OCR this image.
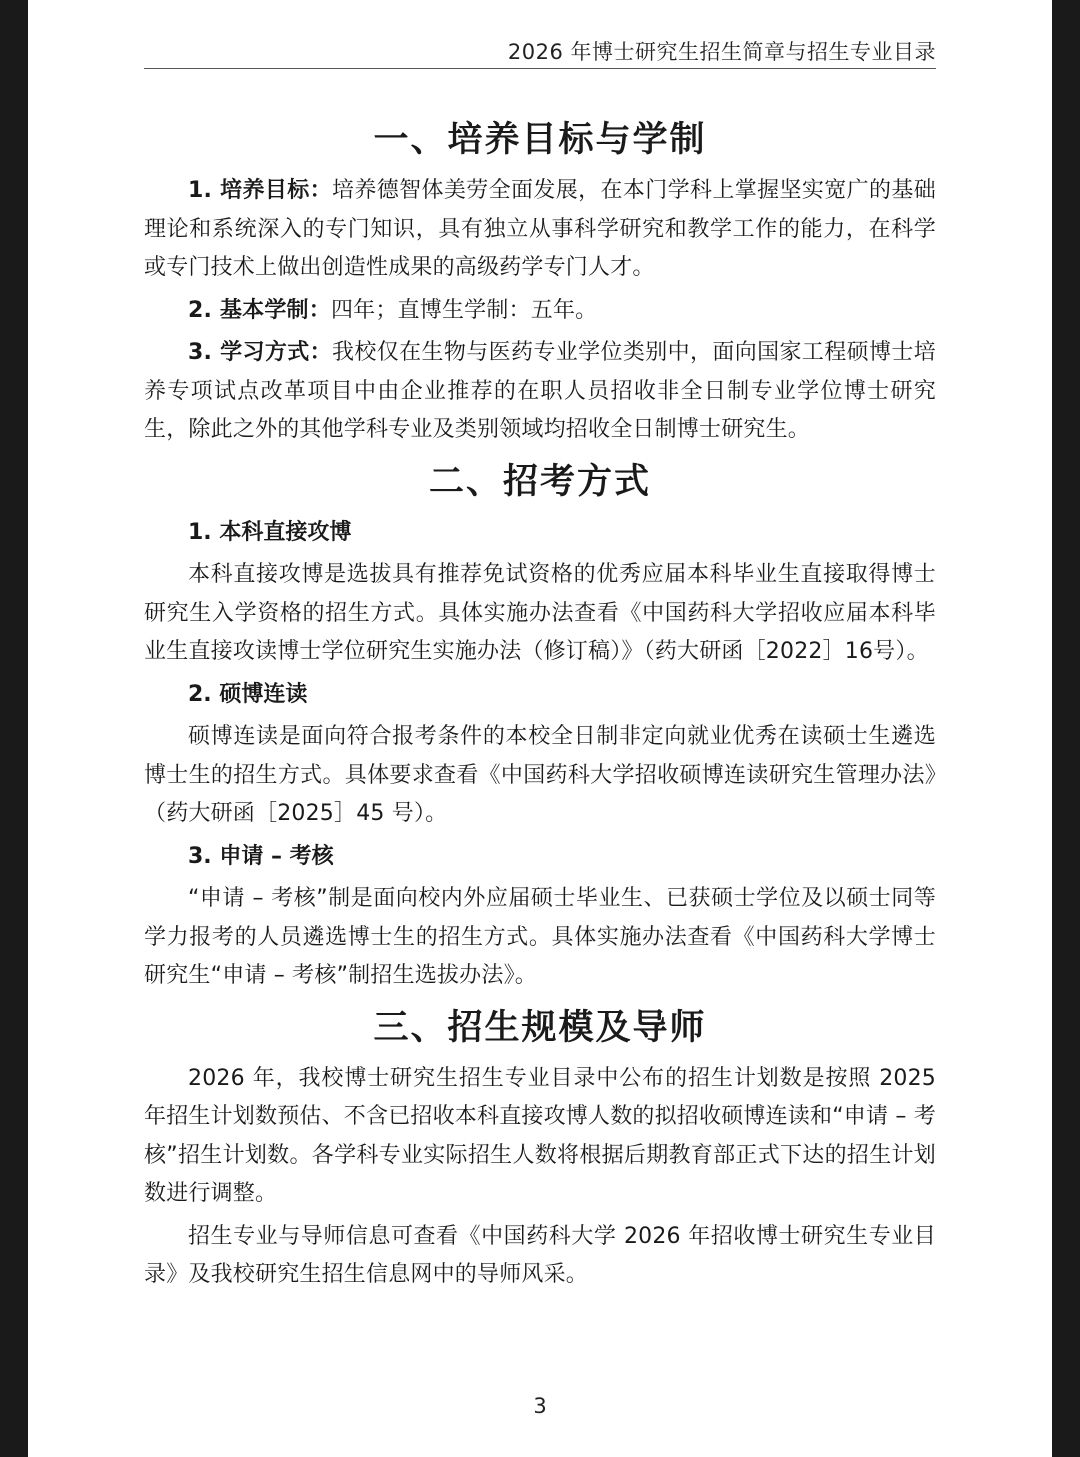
2026 年博士研究生招生简章与招生专业目录
一、培养目标与学制

1. 培养目标：培养德智体美劳全面发展，在本门学科上掌握坚实宽广的基础理论和系统深入的专门知识，具有独立从事科学研究和教学工作的能力，在科学或专门技术上做出创造性成果的高级药学专门人才。

2. 基本学制：四年；直博生学制：五年。

3. 学习方式：我校仅在生物与医药专业学位类别中，面向国家工程硕博士培养专项试点改革项目中由企业推荐的在职人员招收非全日制专业学位博士研究生，除此之外的其他学科专业及类别领域均招收全日制博士研究生。

二、招考方式
1. 本科直接攻博

本科直接攻博是选拔具有推荐免试资格的优秀应届本科毕业生直接取得博士研究生入学资格的招生方式。具体实施办法查看《中国药科大学招收应届本科毕业生直接攻读博士学位研究生实施办法（修订稿）》（药大研函［2022］16号）。

2. 硕博连读

硕博连读是面向符合报考条件的本校全日制非定向就业优秀在读硕士生遴选博士生的招生方式。具体要求查看《中国药科大学招收硕博连读研究生管理办法》（药大研函［2025］45 号）。

3. 申请 – 考核

“申请 – 考核”制是面向校内外应届硕士毕业生、已获硕士学位及以硕士同等学力报考的人员遴选博士生的招生方式。具体实施办法查看《中国药科大学博士研究生“申请 – 考核”制招生选拔办法》。

三、招生规模及导师

2026 年，我校博士研究生招生专业目录中公布的招生计划数是按照 2025 年招生计划数预估、不含已招收本科直接攻博人数的拟招收硕博连读和“申请 – 考核”招生计划数。各学科专业实际招生人数将根据后期教育部正式下达的招生计划数进行调整。

招生专业与导师信息可查看《中国药科大学 2026 年招收博士研究生专业目录》及我校研究生招生信息网中的导师风采。

3
